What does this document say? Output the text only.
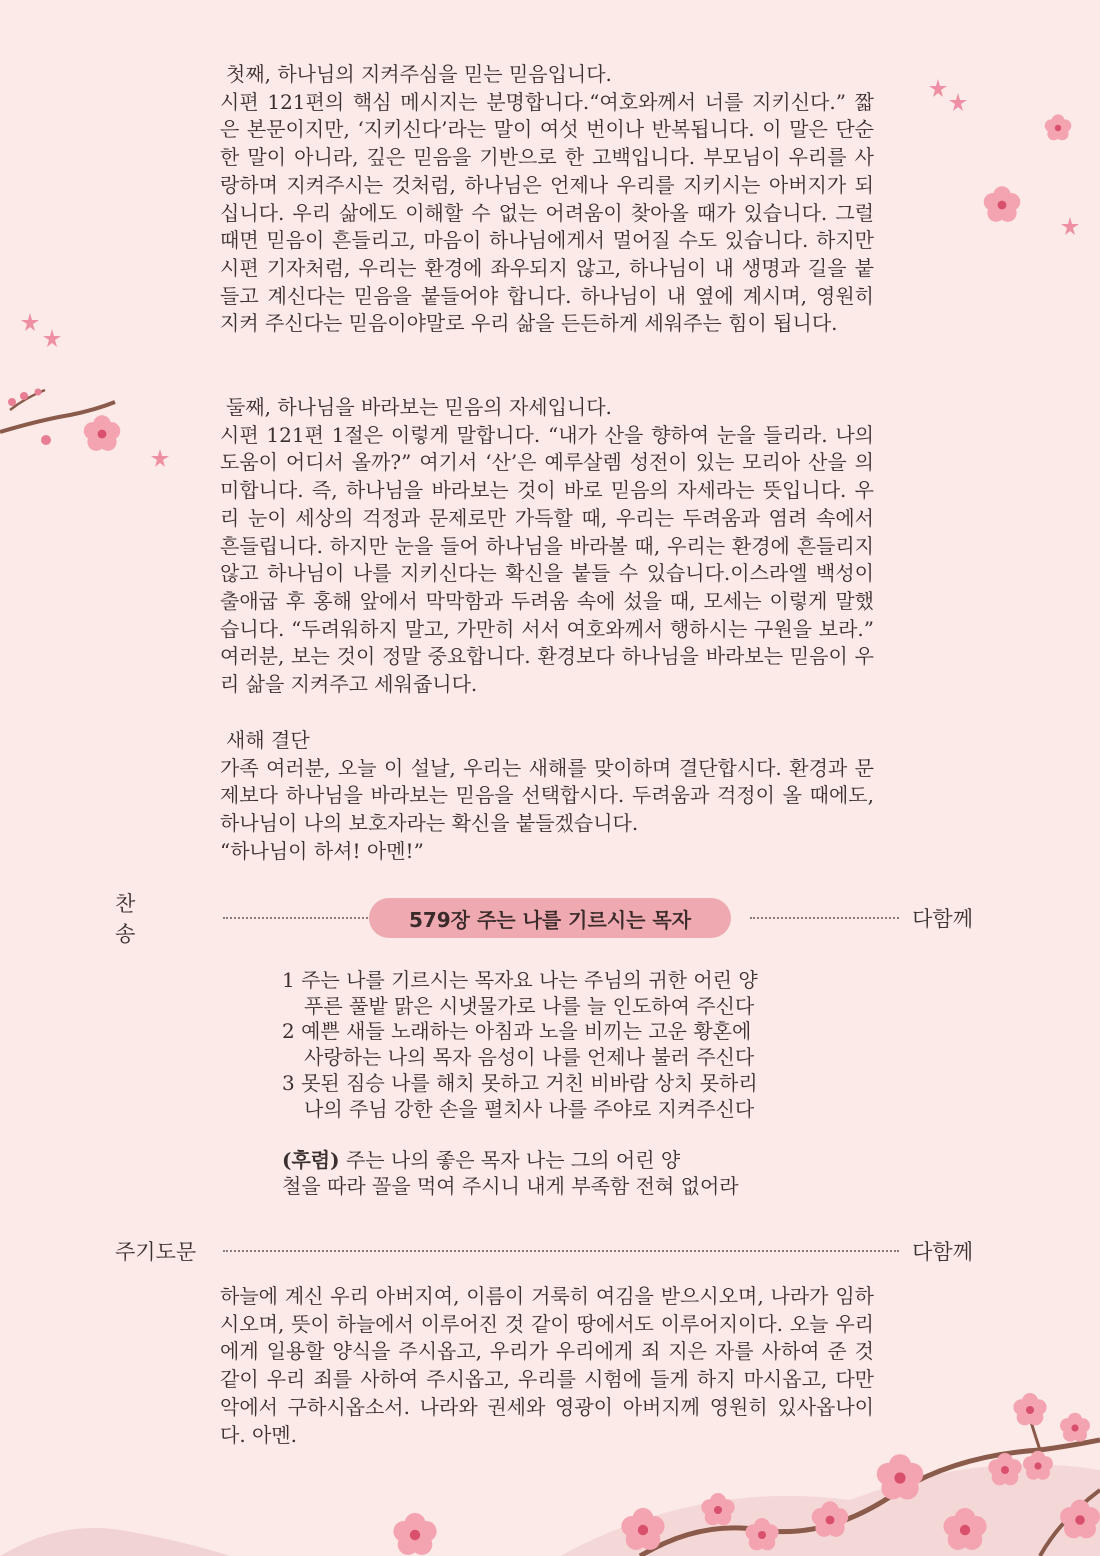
첫째, 하나님의 지켜주심을 믿는 믿음입니다.

시편 121편의 핵심 메시지는 분명합니다.“여호와께서 너를 지키신다.” 짧은 본문이지만, ‘지키신다’라는 말이 여섯 번이나 반복됩니다. 이 말은 단순한 말이 아니라, 깊은 믿음을 기반으로 한 고백입니다. 부모님이 우리를 사랑하며 지켜주시는 것처럼, 하나님은 언제나 우리를 지키시는 아버지가 되십니다. 우리 삶에도 이해할 수 없는 어려움이 찾아올 때가 있습니다. 그럴 때면 믿음이 흔들리고, 마음이 하나님에게서 멀어질 수도 있습니다. 하지만 시편 기자처럼, 우리는 환경에 좌우되지 않고, 하나님이 내 생명과 길을 붙들고 계신다는 믿음을 붙들어야 합니다. 하나님이 내 옆에 계시며, 영원히 지켜 주신다는 믿음이야말로 우리 삶을 든든하게 세워주는 힘이 됩니다.

둘째, 하나님을 바라보는 믿음의 자세입니다.

시편 121편 1절은 이렇게 말합니다. “내가 산을 향하여 눈을 들리라. 나의 도움이 어디서 올까?” 여기서 ‘산’은 예루살렘 성전이 있는 모리아 산을 의미합니다. 즉, 하나님을 바라보는 것이 바로 믿음의 자세라는 뜻입니다. 우리 눈이 세상의 걱정과 문제로만 가득할 때, 우리는 두려움과 염려 속에서 흔들립니다. 하지만 눈을 들어 하나님을 바라볼 때, 우리는 환경에 흔들리지 않고 하나님이 나를 지키신다는 확신을 붙들 수 있습니다.이스라엘 백성이 출애굽 후 홍해 앞에서 막막함과 두려움 속에 섰을 때, 모세는 이렇게 말했습니다. “두려워하지 말고, 가만히 서서 여호와께서 행하시는 구원을 보라.” 여러분, 보는 것이 정말 중요합니다. 환경보다 하나님을 바라보는 믿음이 우리 삶을 지켜주고 세워줍니다.

새해 결단

가족 여러분, 오늘 이 설날, 우리는 새해를 맞이하며 결단합시다. 환경과 문제보다 하나님을 바라보는 믿음을 선택합시다. 두려움과 걱정이 올 때에도, 하나님이 나의 보호자라는 확신을 붙들겠습니다.

“하나님이 하셔! 아멘!”

찬송
다함께
579장 주는 나를 기르시는 목자
1 주는 나를 기르시는 목자요 나는 주님의 귀한 어린 양
푸른 풀밭 맑은 시냇물가로 나를 늘 인도하여 주신다
2 예쁜 새들 노래하는 아침과 노을 비끼는 고운 황혼에
사랑하는 나의 목자 음성이 나를 언제나 불러 주신다
3 못된 짐승 나를 해치 못하고 거친 비바람 상치 못하리
나의 주님 강한 손을 펼치사 나를 주야로 지켜주신다
(후렴) 주는 나의 좋은 목자 나는 그의 어린 양
철을 따라 꼴을 먹여 주시니 내게 부족함 전혀 없어라
주기도문	다함께

하늘에 계신 우리 아버지여, 이름이 거룩히 여김을 받으시오며, 나라가 임하시오며, 뜻이 하늘에서 이루어진 것 같이 땅에서도 이루어지이다. 오늘 우리에게 일용할 양식을 주시옵고, 우리가 우리에게 죄 지은 자를 사하여 준 것 같이 우리 죄를 사하여 주시옵고, 우리를 시험에 들게 하지 마시옵고, 다만 악에서 구하시옵소서. 나라와 권세와 영광이 아버지께 영원히 있사옵나이다. 아멘.
